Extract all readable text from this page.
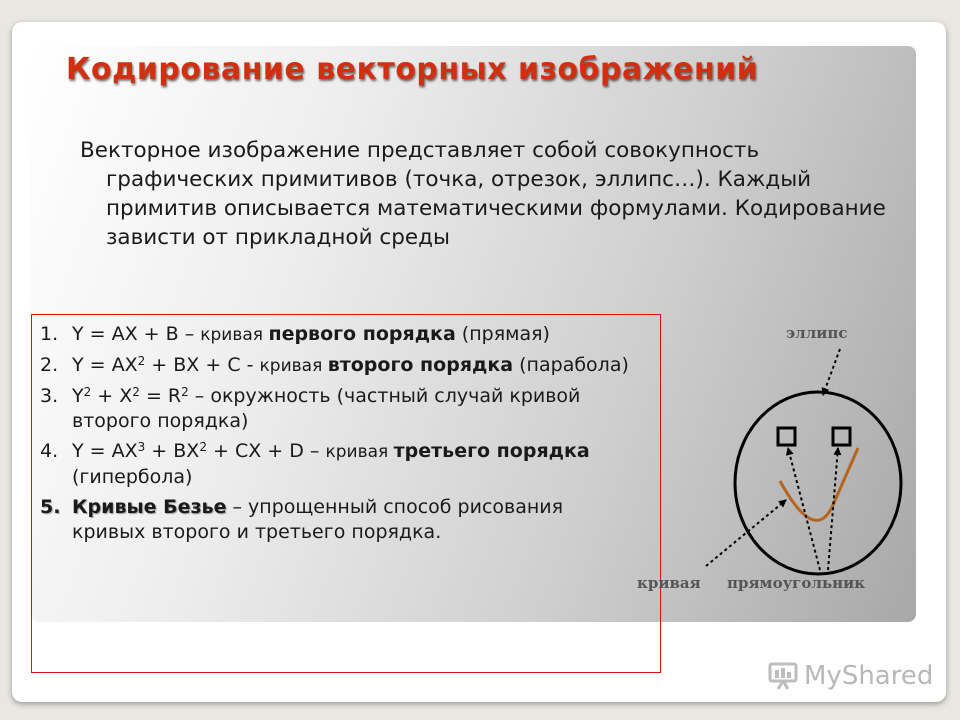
Кодирование векторных изображений

Векторное изображение представляет собой совокупность графических примитивов (точка, отрезок, эллипс…). Каждый примитив описывается математическими формулами. Кодирование зависти от прикладной среды

1. Y = AX + B – кривая первого порядка (прямая)
2. $Y = AX^2$ + BX + C - кривая второго порядка (парабола)
3. $Y^2 + X^2 = R^2$ – окружность (частный случай кривой второго порядка)
4. $Y = AX^3 + BX^2$ + CX + D – кривая третьего порядка (гипербола)
5. Кривые Безье – упрощенный способ рисования кривых второго и третьего порядка.
эллипс
кривая прямоугольник
MyShared
